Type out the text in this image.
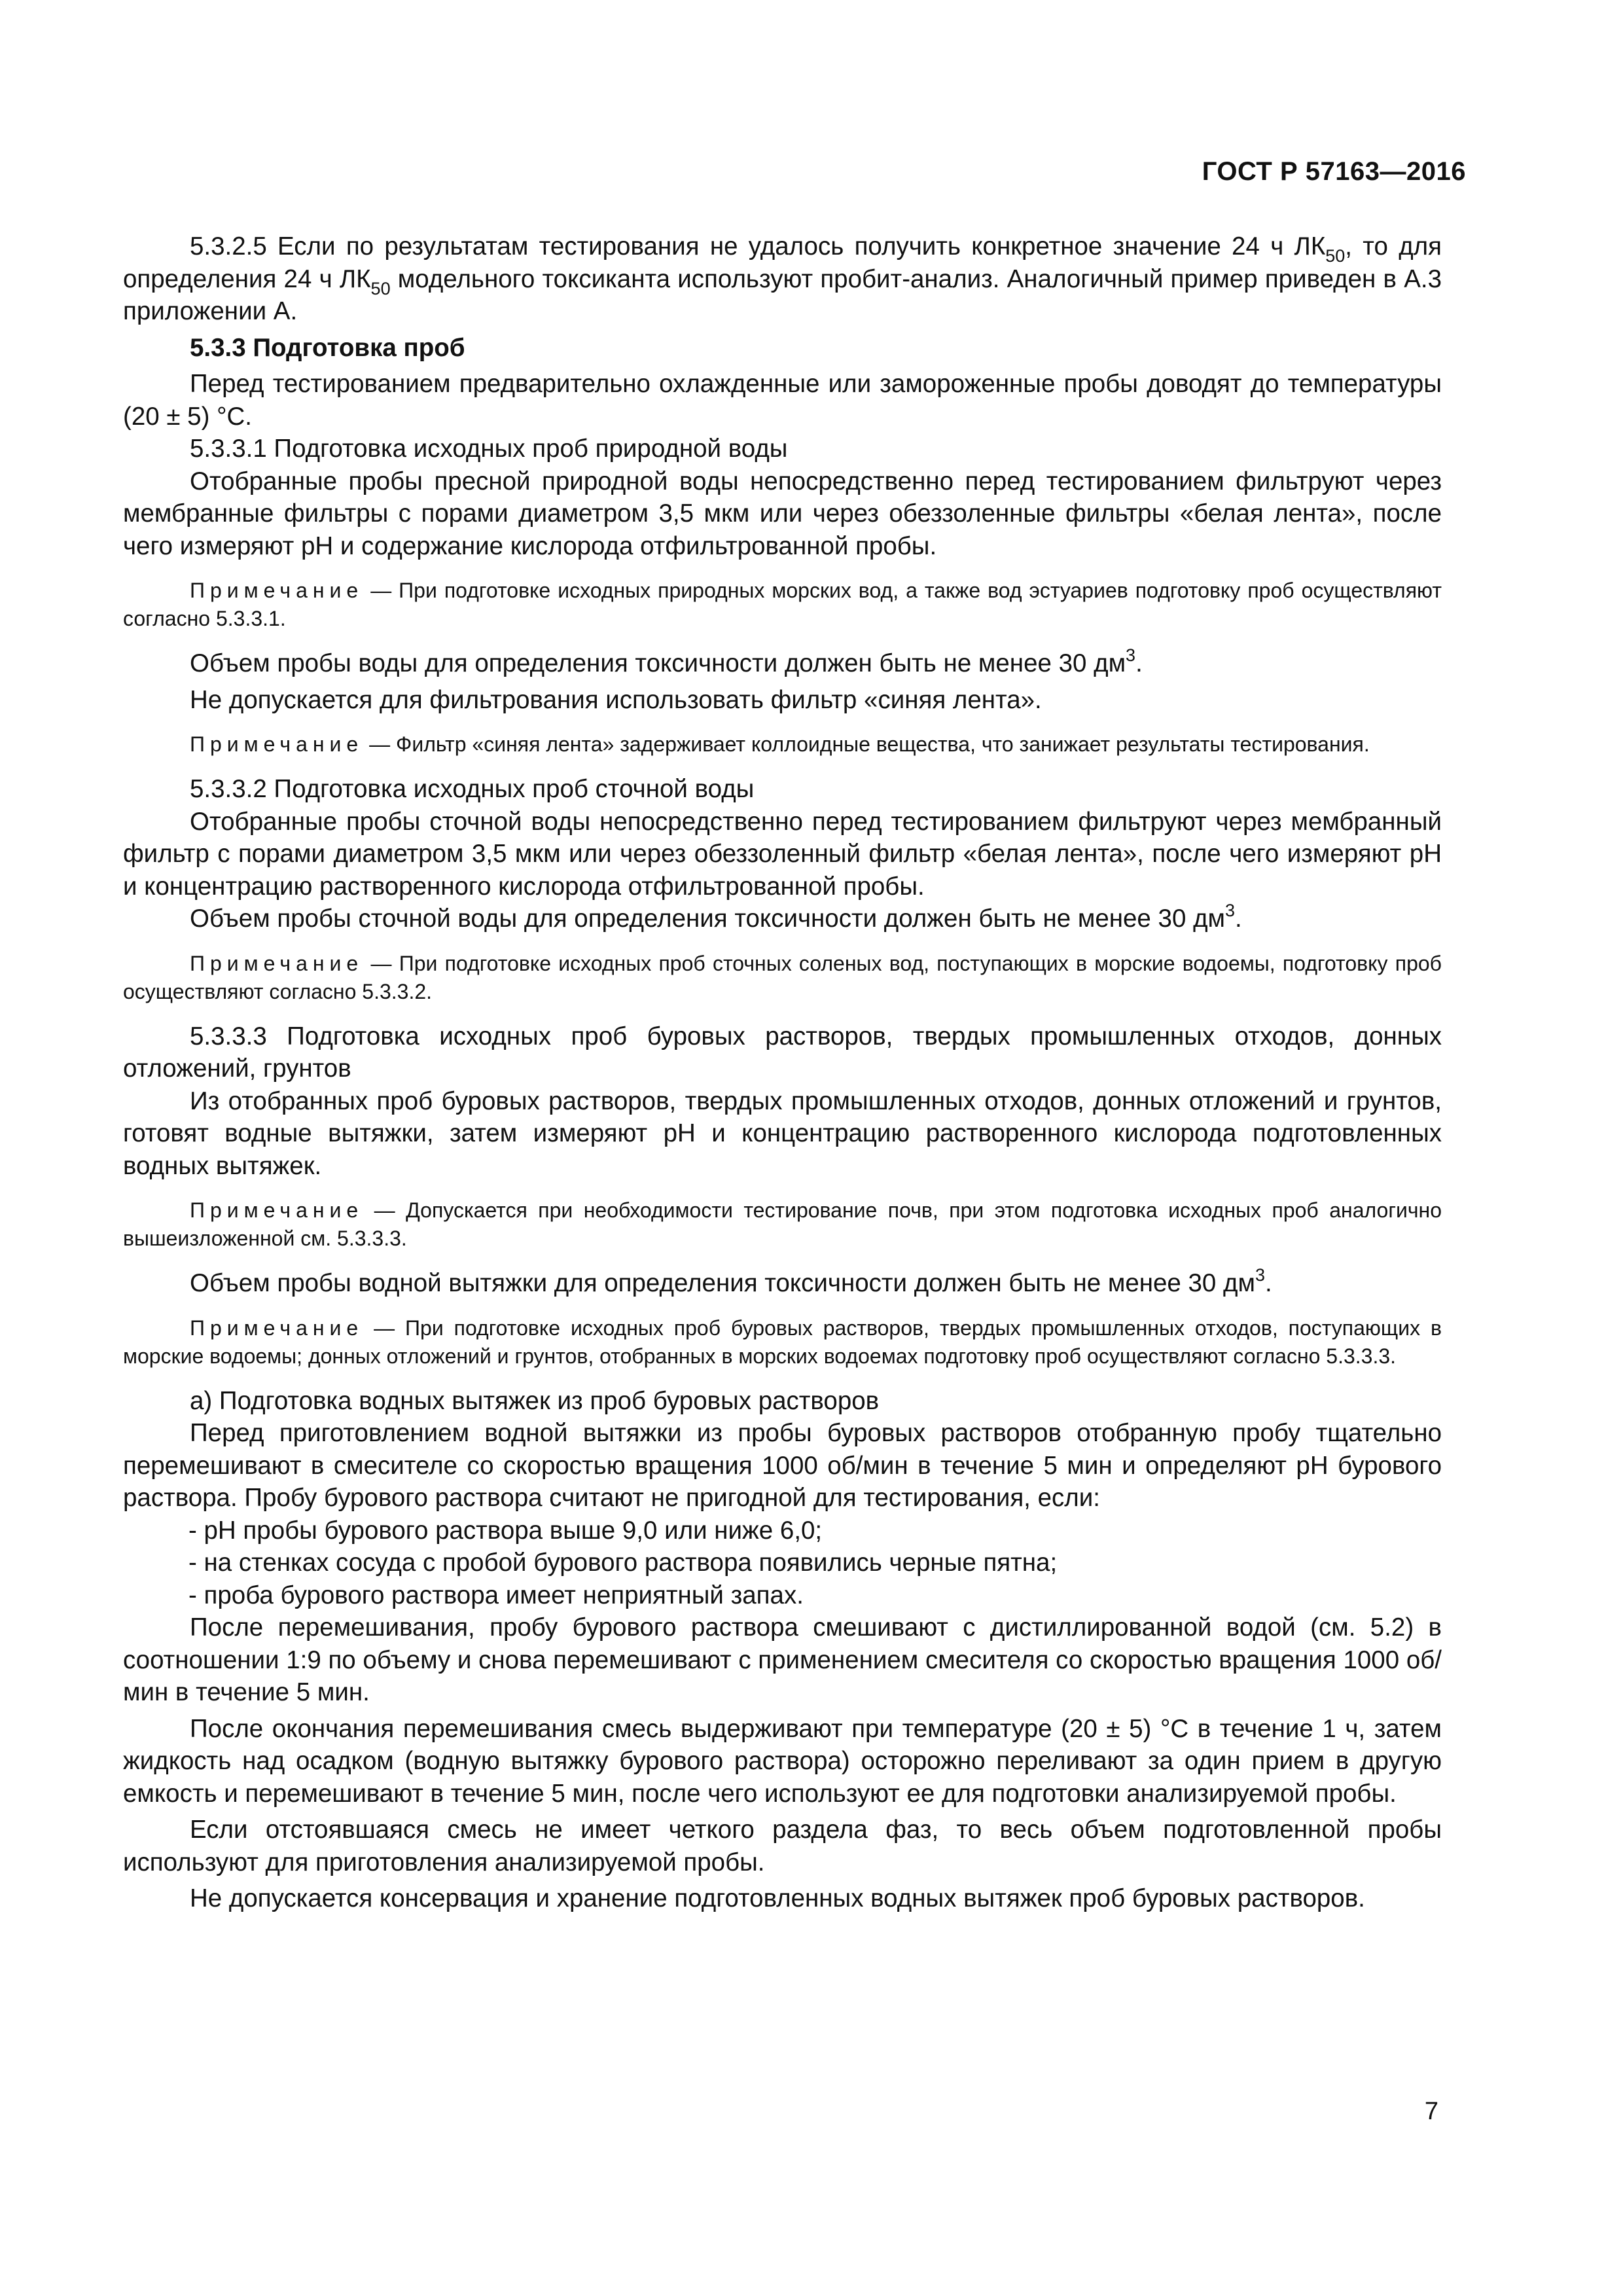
ГОСТ Р 57163—2016

5.3.2.5 Если по результатам тестирования не удалось получить конкретное значение 24 ч $ЛК_{50}$, то для определения 24 ч $ЛК_{50}$ модельного токсиканта используют пробит-анализ. Аналогичный пример приведен в А.3 приложении А.

5.3.3 Подготовка проб

Перед тестированием предварительно охлажденные или замороженные пробы доводят до температуры (20 ± 5) °С.

5.3.3.1 Подготовка исходных проб природной воды

Отобранные пробы пресной природной воды непосредственно перед тестированием фильтруют через мембранные фильтры с порами диаметром 3,5 мкм или через обеззоленные фильтры «белая лента», после чего измеряют рН и содержание кислорода отфильтрованной пробы.

Примечание — При подготовке исходных природных морских вод, а также вод эстуариев подготовку проб осуществляют согласно 5.3.3.1.

Объем пробы воды для определения токсичности должен быть не менее 30 $дм^3$.

Не допускается для фильтрования использовать фильтр «синяя лента».

Примечание — Фильтр «синяя лента» задерживает коллоидные вещества, что занижает результаты тестирования.

5.3.3.2 Подготовка исходных проб сточной воды

Отобранные пробы сточной воды непосредственно перед тестированием фильтруют через мембранный фильтр с порами диаметром 3,5 мкм или через обеззоленный фильтр «белая лента», после чего измеряют рН и концентрацию растворенного кислорода отфильтрованной пробы.

Объем пробы сточной воды для определения токсичности должен быть не менее 30 $дм^3$.

Примечание — При подготовке исходных проб сточных соленых вод, поступающих в морские водоемы, подготовку проб осуществляют согласно 5.3.3.2.

5.3.3.3 Подготовка исходных проб буровых растворов, твердых промышленных отходов, донных отложений, грунтов

Из отобранных проб буровых растворов, твердых промышленных отходов, донных отложений и грунтов, готовят водные вытяжки, затем измеряют рН и концентрацию растворенного кислорода подготовленных водных вытяжек.

Примечание — Допускается при необходимости тестирование почв, при этом подготовка исходных проб аналогично вышеизложенной см. 5.3.3.3.

Объем пробы водной вытяжки для определения токсичности должен быть не менее 30 $дм^3$.

Примечание — При подготовке исходных проб буровых растворов, твердых промышленных отходов, поступающих в морские водоемы; донных отложений и грунтов, отобранных в морских водоемах подготовку проб осуществляют согласно 5.3.3.3.

а) Подготовка водных вытяжек из проб буровых растворов

Перед приготовлением водной вытяжки из пробы буровых растворов отобранную пробу тщательно перемешивают в смесителе со скоростью вращения 1000 об/мин в течение 5 мин и определяют рН бурового раствора. Пробу бурового раствора считают не пригодной для тестирования, если:

- рН пробы бурового раствора выше 9,0 или ниже 6,0;

- на стенках сосуда с пробой бурового раствора появились черные пятна;

- проба бурового раствора имеет неприятный запах.

После перемешивания, пробу бурового раствора смешивают с дистиллированной водой (см. 5.2) в соотношении 1:9 по объему и снова перемешивают с применением смесителя со скоростью вращения 1000 об/мин в течение 5 мин.

После окончания перемешивания смесь выдерживают при температуре (20 ± 5) °С в течение 1 ч, затем жидкость над осадком (водную вытяжку бурового раствора) осторожно переливают за один прием в другую емкость и перемешивают в течение 5 мин, после чего используют ее для подготовки анализируемой пробы.

Если отстоявшаяся смесь не имеет четкого раздела фаз, то весь объем подготовленной пробы используют для приготовления анализируемой пробы.

Не допускается консервация и хранение подготовленных водных вытяжек проб буровых растворов.

7
